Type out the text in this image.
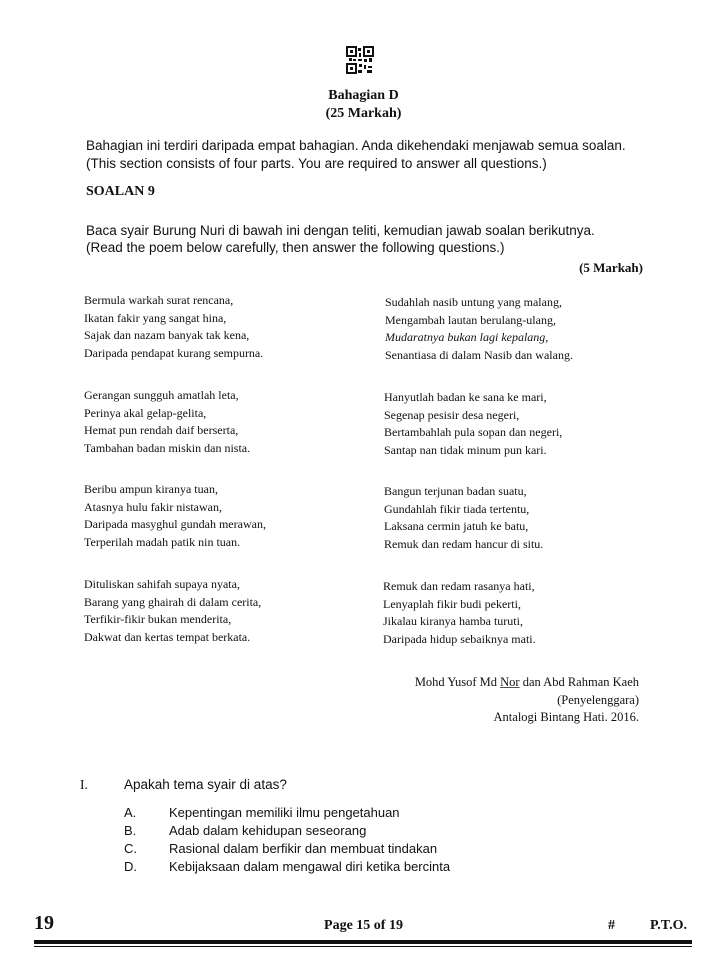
Bahagian D
(25 Markah)
Bahagian ini terdiri daripada empat bahagian. Anda dikehendaki menjawab semua soalan.
(This section consists of four parts. You are required to answer all questions.)
SOALAN 9
Baca syair Burung Nuri di bawah ini dengan teliti, kemudian jawab soalan berikutnya.
(Read the poem below carefully, then answer the following questions.)
(5 Markah)
Bermula warkah surat rencana,
Ikatan fakir yang sangat hina,
Sajak dan nazam banyak tak kena,
Daripada pendapat kurang sempurna.
Gerangan sungguh amatlah leta,
Perinya akal gelap-gelita,
Hemat pun rendah daif berserta,
Tambahan badan miskin dan nista.
Beribu ampun kiranya tuan,
Atasnya hulu fakir nistawan,
Daripada masyghul gundah merawan,
Terperilah madah patik nin tuan.
Dituliskan sahifah supaya nyata,
Barang yang ghairah di dalam cerita,
Terfikir-fikir bukan menderita,
Dakwat dan kertas tempat berkata.
Sudahlah nasib untung yang malang,
Mengambah lautan berulang-ulang,
Mudaratnya bukan lagi kepalang,
Senantiasa di dalam Nasib dan walang.
Hanyutlah badan ke sana ke mari,
Segenap pesisir desa negeri,
Bertambahlah pula sopan dan negeri,
Santap nan tidak minum pun kari.
Bangun terjunan badan suatu,
Gundahlah fikir tiada tertentu,
Laksana cermin jatuh ke batu,
Remuk dan redam hancur di situ.
Remuk dan redam rasanya hati,
Lenyaplah fikir budi pekerti,
Jikalau kiranya hamba turuti,
Daripada hidup sebaiknya mati.
Mohd Yusof Md Nor dan Abd Rahman Kaeh
(Penyelenggara)
Antalogi Bintang Hati. 2016.
I.	Apakah tema syair di atas?
A.	Kepentingan memiliki ilmu pengetahuan
B.	Adab dalam kehidupan seseorang
C.	Rasional dalam berfikir dan membuat tindakan
D.	Kebijaksaan dalam mengawal diri ketika bercinta
19	Page 15 of 19	#	P.T.O.
